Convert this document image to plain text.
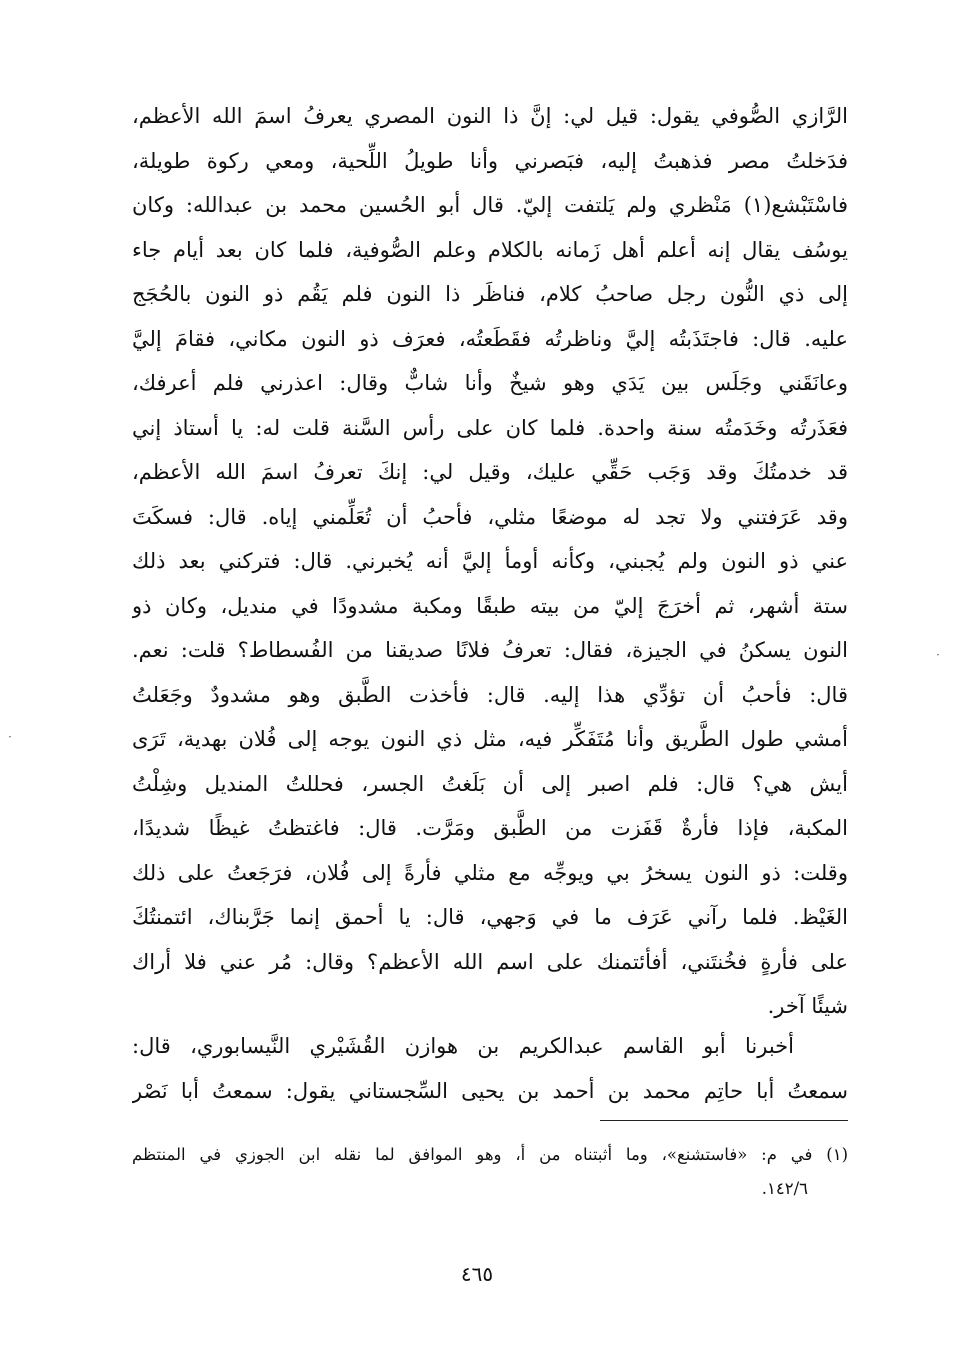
الرَّازي الصُّوفي يقول: قيل لي: إنَّ ذا النون المصري يعرفُ اسمَ الله الأعظم،
فدَخلتُ مصر فذهبتُ إليه، فبَصرني وأنا طويلُ اللِّحية، ومعي ركوة طويلة،
فاسْتَبْشع(١) مَنْظري ولم يَلتفت إليّ. قال أبو الحُسين محمد بن عبدالله: وكان
يوسُف يقال إنه أعلم أهل زَمانه بالكلام وعلم الصُّوفية، فلما كان بعد أيام جاء
إلى ذي النُّون رجل صاحبُ كلام، فناظَر ذا النون فلم يَقُم ذو النون بالحُجَج
عليه. قال: فاجتَذَبتُه إليَّ وناظرتُه فقَطَعتُه، فعرَف ذو النون مكاني، فقامَ إليَّ
وعانَقَني وجَلَس بين يَدَي وهو شيخٌ وأنا شابٌّ وقال: اعذرني فلم أعرفك،
فعَذَرتُه وخَدَمتُه سنة واحدة. فلما كان على رأس السَّنة قلت له: يا أستاذ إني
قد خدمتُكَ وقد وَجَب حَقِّي عليك، وقيل لي: إنكَ تعرفُ اسمَ الله الأعظم،
وقد عَرَفتني ولا تجد له موضعًا مثلي، فأحبُ أن تُعَلِّمني إياه. قال: فسكَتَ
عني ذو النون ولم يُجبني، وكأنه أومأ إليَّ أنه يُخبرني. قال: فتركني بعد ذلك
ستة أشهر، ثم أخرَجَ إليّ من بيته طبقًا ومكبة مشدودًا في منديل، وكان ذو
النون يسكنُ في الجيزة، فقال: تعرفُ فلانًا صديقنا من الفُسطاط؟ قلت: نعم.
قال: فأحبُ أن تؤدِّي هذا إليه. قال: فأخذت الطَّبق وهو مشدودٌ وجَعَلتُ
أمشي طول الطَّريق وأنا مُتَفَكِّر فيه، مثل ذي النون يوجه إلى فُلان بهدية، تَرَى
أيش هي؟ قال: فلم اصبر إلى أن بَلَغتُ الجسر، فحللتُ المنديل وشِلْتُ
المكبة، فإذا فأرةٌ قَفَزت من الطَّبق ومَرَّت. قال: فاغتظتُ غيظًا شديدًا،
وقلت: ذو النون يسخرُ بي ويوجِّه مع مثلي فأرةً إلى فُلان، فرَجَعتُ على ذلك
الغَيْظ. فلما رآني عَرَف ما في وَجهي، قال: يا أحمق إنما جَرَّبناك، ائتمنتُكَ
على فأرةٍ فخُنتَني، أفأئتمنك على اسم الله الأعظم؟ وقال: مُر عني فلا أراك
شيئًا آخر.
أخبرنا أبو القاسم عبدالكريم بن هوازن القُشَيْري النَّيسابوري، قال:
سمعتُ أبا حاتِم محمد بن أحمد بن يحيى السِّجستاني يقول: سمعتُ أبا نَصْر
(١) في م: «فاستشنع»، وما أثبتناه من أ، وهو الموافق لما نقله ابن الجوزي في المنتظم
١٤٢/٦.
٤٦٥
·
·
